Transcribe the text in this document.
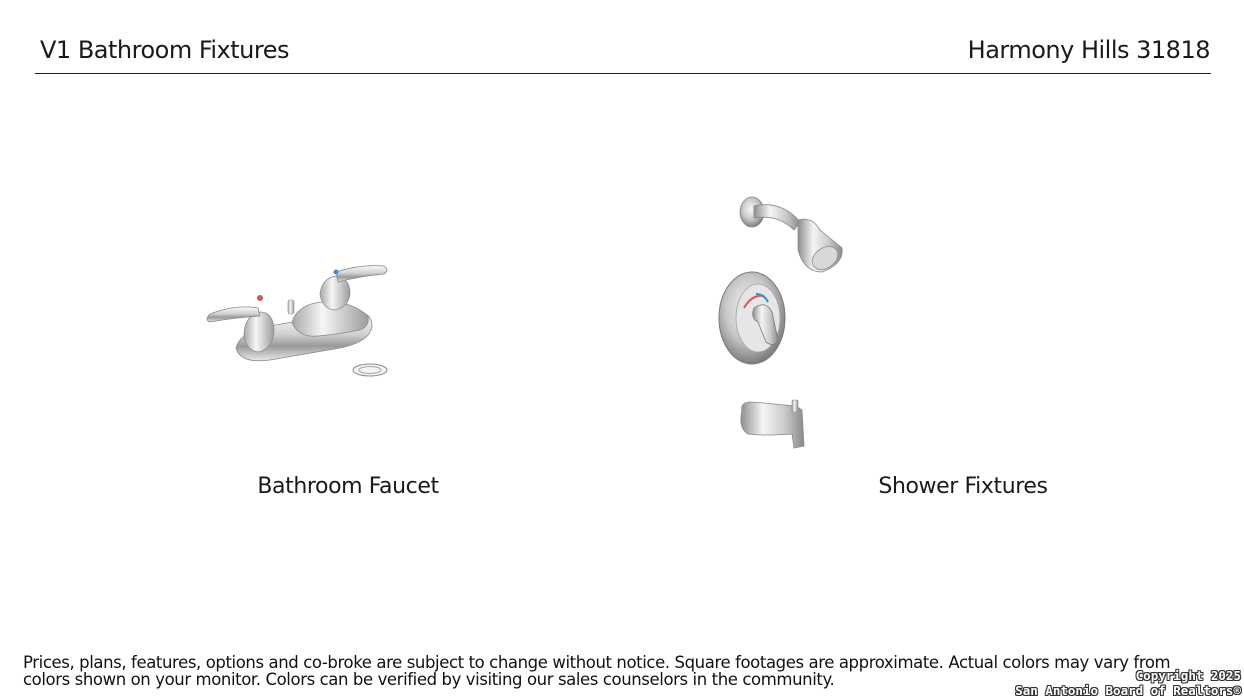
V1 Bathroom Fixtures	Harmony Hills 31818
Bathroom Faucet	Shower Fixtures
Prices, plans, features, options and co-broke are subject to change without notice. Square footages are approximate. Actual colors may vary from colors shown on your monitor. Colors can be verified by visiting our sales counselors in the community.	Copyright 2025
San Antonio Board of Realtors®
